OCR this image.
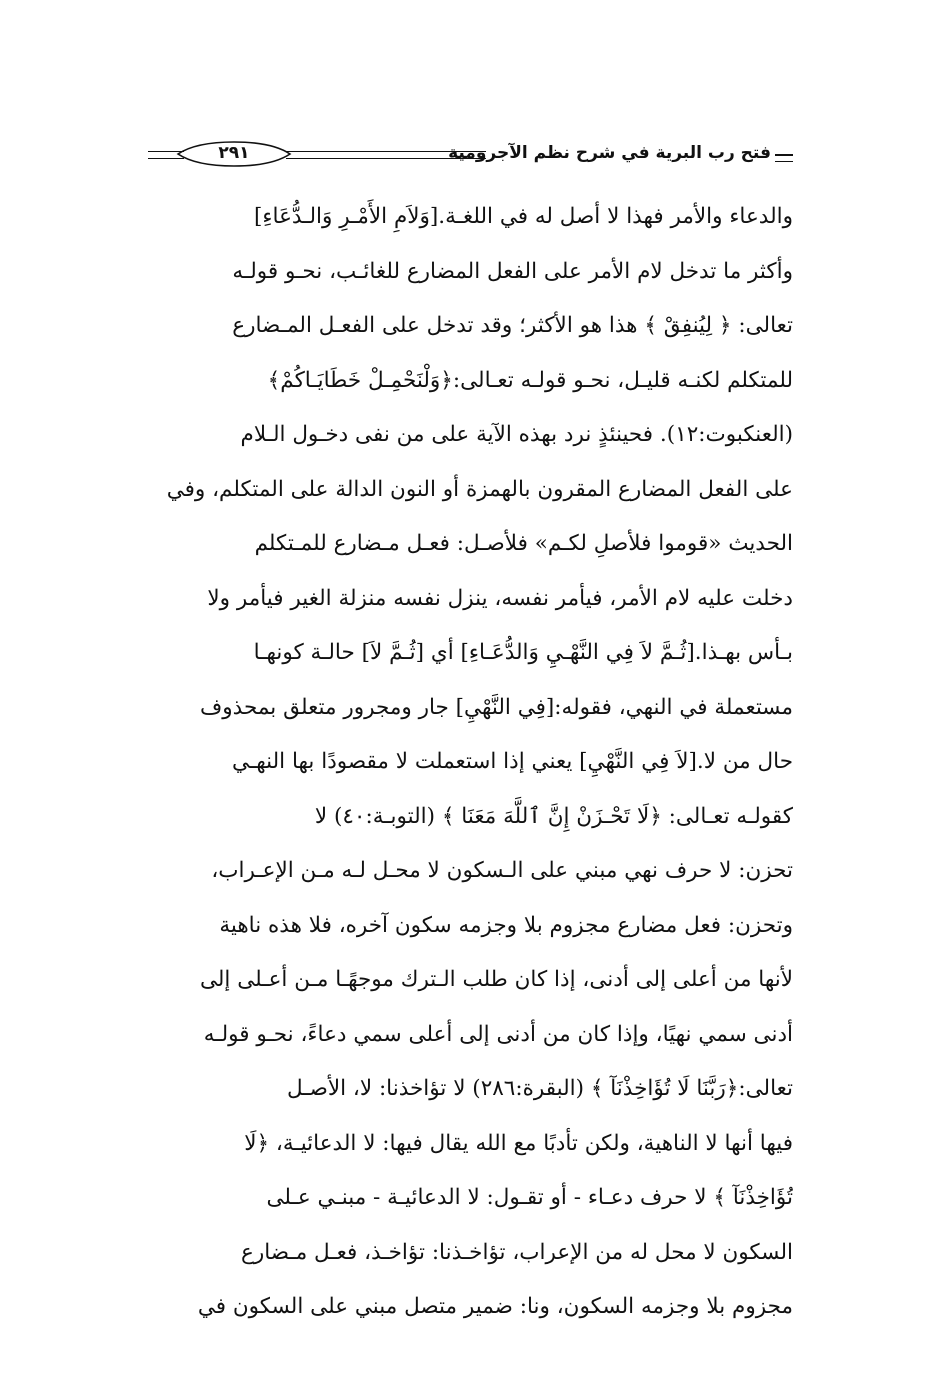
فتح رب البرية في شرح نظم الآجرومية
٢٩١
والدعاء والأمر فهذا لا أصل له في اللغـة.[وَلاَمِ الأَمْـرِ وَالـدُّعَاءِ]
وأكثر ما تدخل لام الأمر على الفعل المضارع للغائـب، نحـو قولـه
تعالى: ﴿ لِيُنفِقْ ﴾ هذا هو الأكثر؛ وقد تدخل على الفعـل المـضارع
للمتكلم لكنـه قليـل، نحـو قولـه تعـالى:﴿وَلْنَحْمِـلْ خَطَايَـاكُمْ﴾
(العنكبوت:١٢). فحينئذٍ نرد بهذه الآية على من نفى دخـول الـلام
على الفعل المضارع المقرون بالهمزة أو النون الدالة على المتكلم، وفي
الحديث «قوموا فلأصلِ لكـم» فلأصـل: فعـل مـضارع للمـتكلم
دخلت عليه لام الأمر، فيأمر نفسه، ينزل نفسه منزلة الغير فيأمر ولا
بـأس بهـذا.[ثُـمَّ لاَ فِي النَّهْـيِ وَالدُّعَـاءِ] أي [ثُـمَّ لاَ] حالـة كونهـا
مستعملة في النهي، فقوله:[فِي النَّهْيِ] جار ومجرور متعلق بمحذوف
حال من لا.[لاَ فِي النَّهْيِ] يعني إذا استعملت لا مقصودًا بها النهـي
كقولـه تعـالى: ﴿لَا تَحْـزَنْ إِنَّ ٱللَّهَ مَعَنَا ﴾ (التوبـة:٤٠) لا
تحزن: لا حرف نهي مبني على الـسكون لا محـل لـه مـن الإعـراب،
وتحزن: فعل مضارع مجزوم بلا وجزمه سكون آخره، فلا هذه ناهية
لأنها من أعلى إلى أدنى، إذا كان طلب الـترك موجهًـا مـن أعـلى إلى
أدنى سمي نهيًا، وإذا كان من أدنى إلى أعلى سمي دعاءً، نحـو قولـه
تعالى:﴿رَبَّنَا لَا تُؤَاخِذْنَآ ﴾ (البقرة:٢٨٦) لا تؤاخذنا: لا، الأصـل
فيها أنها لا الناهية، ولكن تأدبًا مع الله يقال فيها: لا الدعائيـة، ﴿لَا
تُؤَاخِذْنَآ ﴾ لا حرف دعـاء - أو تقـول: لا الدعائيـة - مبنـي عـلى
السكون لا محل له من الإعراب، تؤاخـذنا: تؤاخـذ، فعـل مـضارع
مجزوم بلا وجزمه السكون، ونا: ضمير متصل مبني على السكون في
